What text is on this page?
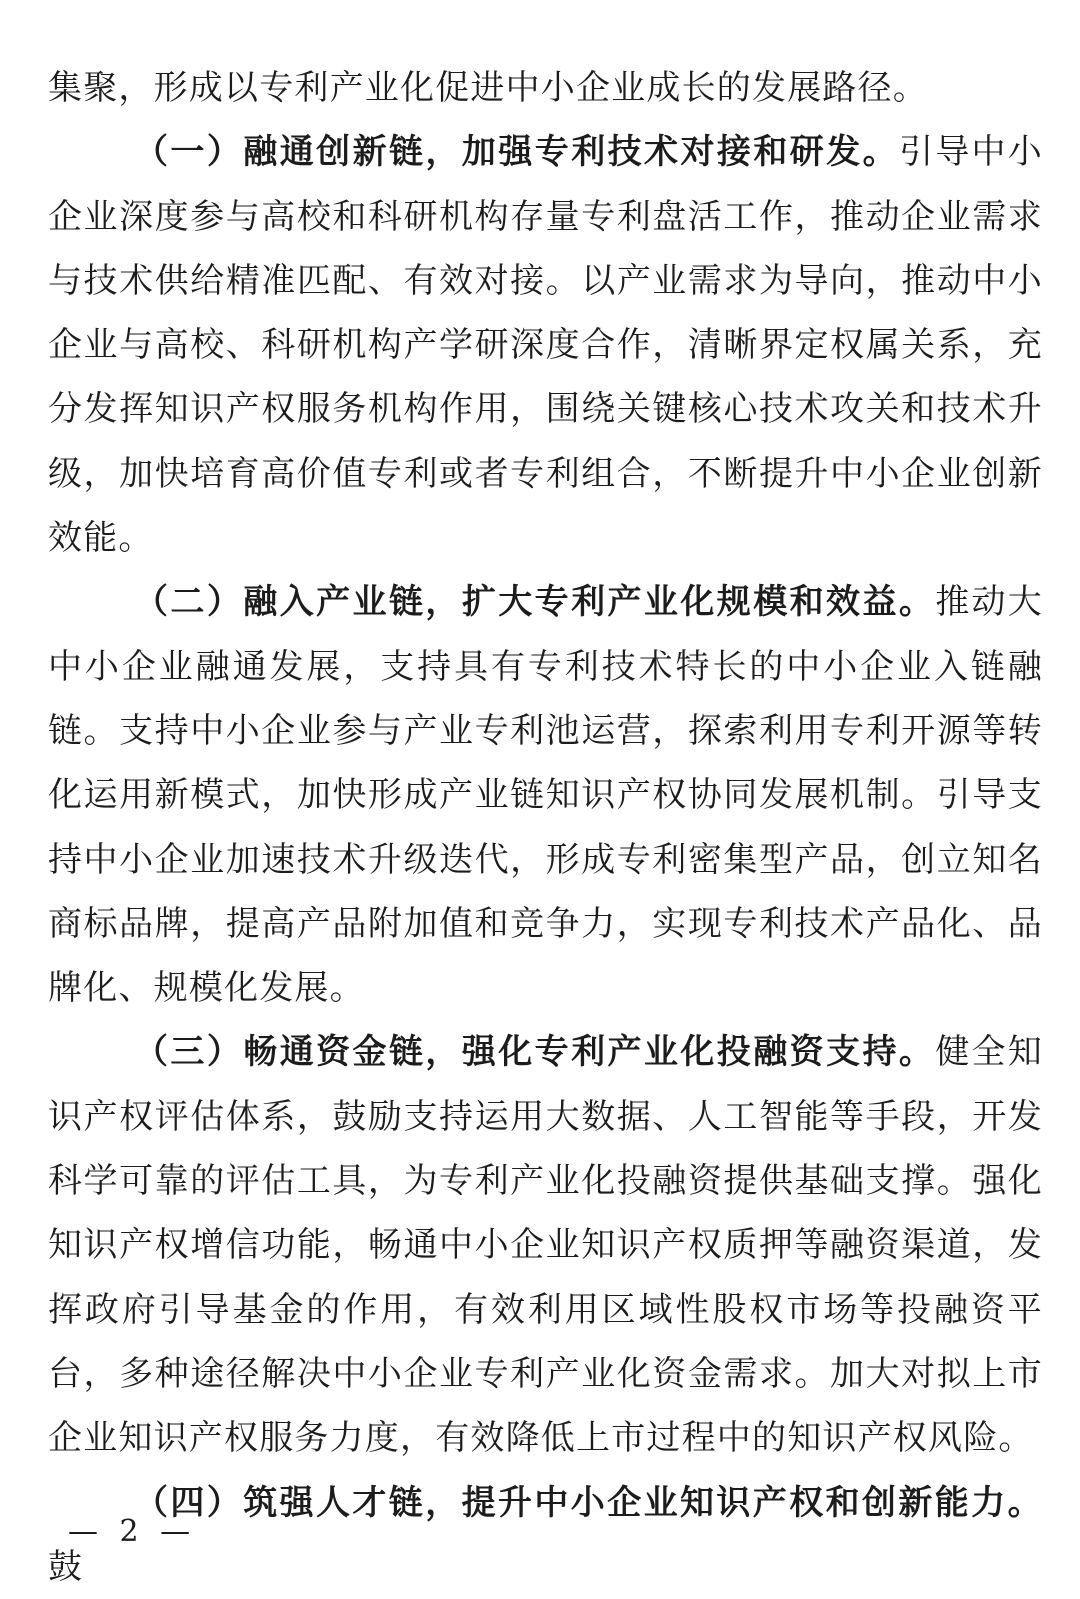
集聚，形成以专利产业化促进中小企业成长的发展路径。

（一）融通创新链，加强专利技术对接和研发。引导中小企业深度参与高校和科研机构存量专利盘活工作，推动企业需求与技术供给精准匹配、有效对接。以产业需求为导向，推动中小企业与高校、科研机构产学研深度合作，清晰界定权属关系，充分发挥知识产权服务机构作用，围绕关键核心技术攻关和技术升级，加快培育高价值专利或者专利组合，不断提升中小企业创新效能。

（二）融入产业链，扩大专利产业化规模和效益。推动大中小企业融通发展，支持具有专利技术特长的中小企业入链融链。支持中小企业参与产业专利池运营，探索利用专利开源等转化运用新模式，加快形成产业链知识产权协同发展机制。引导支持中小企业加速技术升级迭代，形成专利密集型产品，创立知名商标品牌，提高产品附加值和竞争力，实现专利技术产品化、品牌化、规模化发展。

（三）畅通资金链，强化专利产业化投融资支持。健全知识产权评估体系，鼓励支持运用大数据、人工智能等手段，开发科学可靠的评估工具，为专利产业化投融资提供基础支撑。强化知识产权增信功能，畅通中小企业知识产权质押等融资渠道，发挥政府引导基金的作用，有效利用区域性股权市场等投融资平台，多种途径解决中小企业专利产业化资金需求。加大对拟上市企业知识产权服务力度，有效降低上市过程中的知识产权风险。

（四）筑强人才链，提升中小企业知识产权和创新能力。鼓

— 2 —
